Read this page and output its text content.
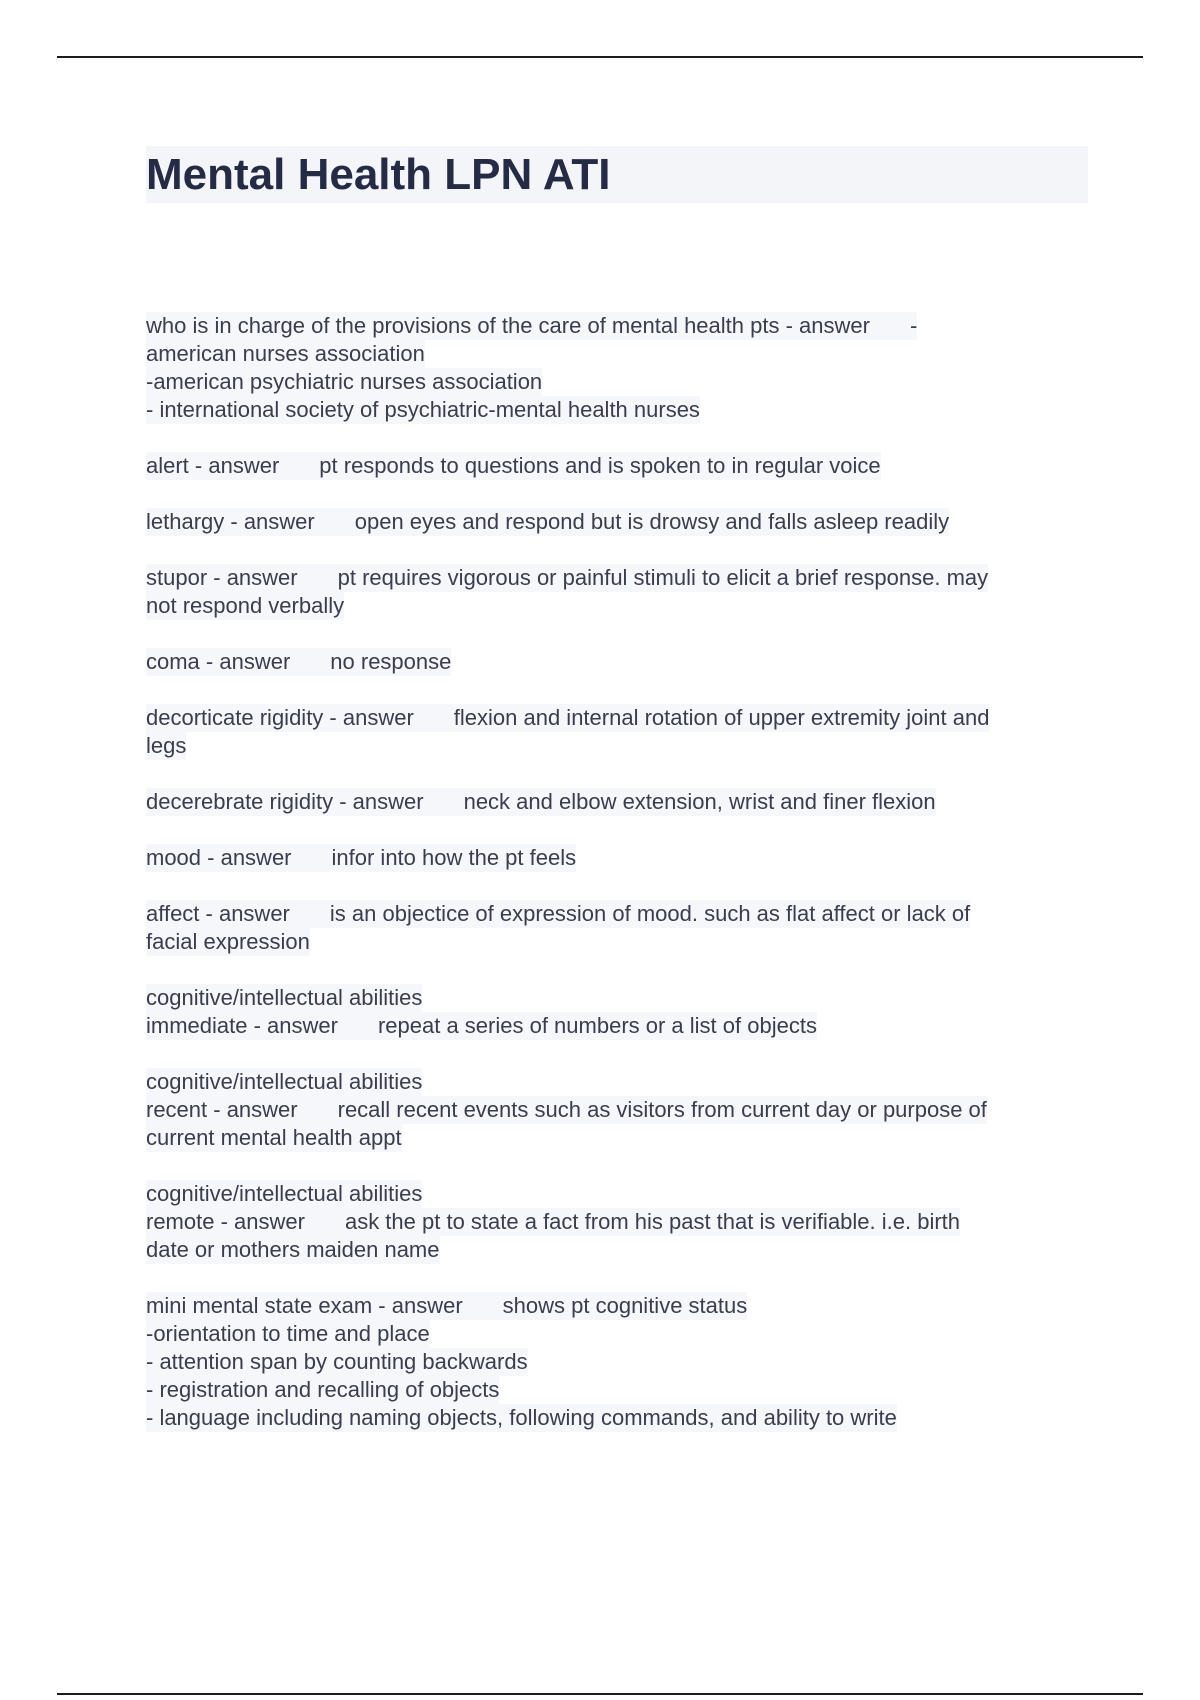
Mental Health LPN ATI
who is in charge of the provisions of the care of mental health pts - answer -
american nurses association
-american psychiatric nurses association
- international society of psychiatric-mental health nurses
alert - answer pt responds to questions and is spoken to in regular voice
lethargy - answer open eyes and respond but is drowsy and falls asleep readily
stupor - answer pt requires vigorous or painful stimuli to elicit a brief response. may
not respond verbally
coma - answer no response
decorticate rigidity - answer flexion and internal rotation of upper extremity joint and
legs
decerebrate rigidity - answer neck and elbow extension, wrist and finer flexion
mood - answer infor into how the pt feels
affect - answer is an objectice of expression of mood. such as flat affect or lack of
facial expression
cognitive/intellectual abilities
immediate - answer repeat a series of numbers or a list of objects
cognitive/intellectual abilities
recent - answer recall recent events such as visitors from current day or purpose of
current mental health appt
cognitive/intellectual abilities
remote - answer ask the pt to state a fact from his past that is verifiable. i.e. birth
date or mothers maiden name
mini mental state exam - answer shows pt cognitive status
-orientation to time and place
- attention span by counting backwards
- registration and recalling of objects
- language including naming objects, following commands, and ability to write
